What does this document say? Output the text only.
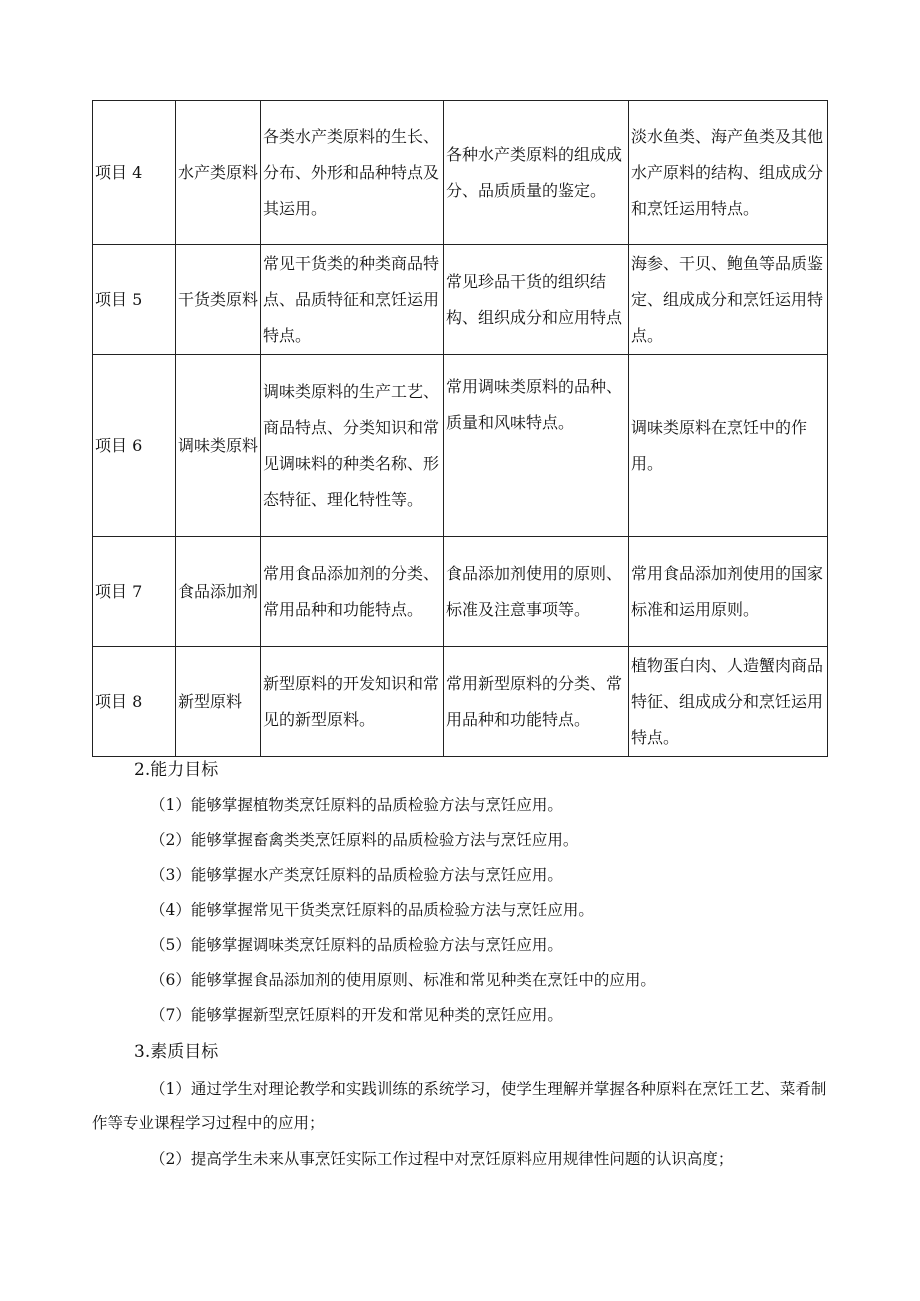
项目 4	水产类原料	各类水产类原料的生长、分布、外形和品种特点及其运用。	各种水产类原料的组成成分、品质质量的鉴定。	淡水鱼类、海产鱼类及其他水产原料的结构、组成成分和烹饪运用特点。
项目 5	干货类原料	常见干货类的种类商品特点、品质特征和烹饪运用特点。	常见珍品干货的组织结构、组织成分和应用特点	海参、干贝、鲍鱼等品质鉴定、组成成分和烹饪运用特点。
项目 6	调味类原料	调味类原料的生产工艺、商品特点、分类知识和常见调味料的种类名称、形态特征、理化特性等。	常用调味类原料的品种、质量和风味特点。	调味类原料在烹饪中的作用。
项目 7	食品添加剂	常用食品添加剂的分类、常用品种和功能特点。	食品添加剂使用的原则、标准及注意事项等。	常用食品添加剂使用的国家标准和运用原则。
项目 8	新型原料	新型原料的开发知识和常见的新型原料。	常用新型原料的分类、常用品种和功能特点。	植物蛋白肉、人造蟹肉商品特征、组成成分和烹饪运用特点。
2.能力目标
（1）能够掌握植物类烹饪原料的品质检验方法与烹饪应用。
（2）能够掌握畜禽类类烹饪原料的品质检验方法与烹饪应用。
（3）能够掌握水产类烹饪原料的品质检验方法与烹饪应用。
（4）能够掌握常见干货类烹饪原料的品质检验方法与烹饪应用。
（5）能够掌握调味类烹饪原料的品质检验方法与烹饪应用。
（6）能够掌握食品添加剂的使用原则、标准和常见种类在烹饪中的应用。
（7）能够掌握新型烹饪原料的开发和常见种类的烹饪应用。
3.素质目标
（1）通过学生对理论教学和实践训练的系统学习，使学生理解并掌握各种原料在烹饪工艺、菜肴制作等专业课程学习过程中的应用；
（2）提高学生未来从事烹饪实际工作过程中对烹饪原料应用规律性问题的认识高度；
